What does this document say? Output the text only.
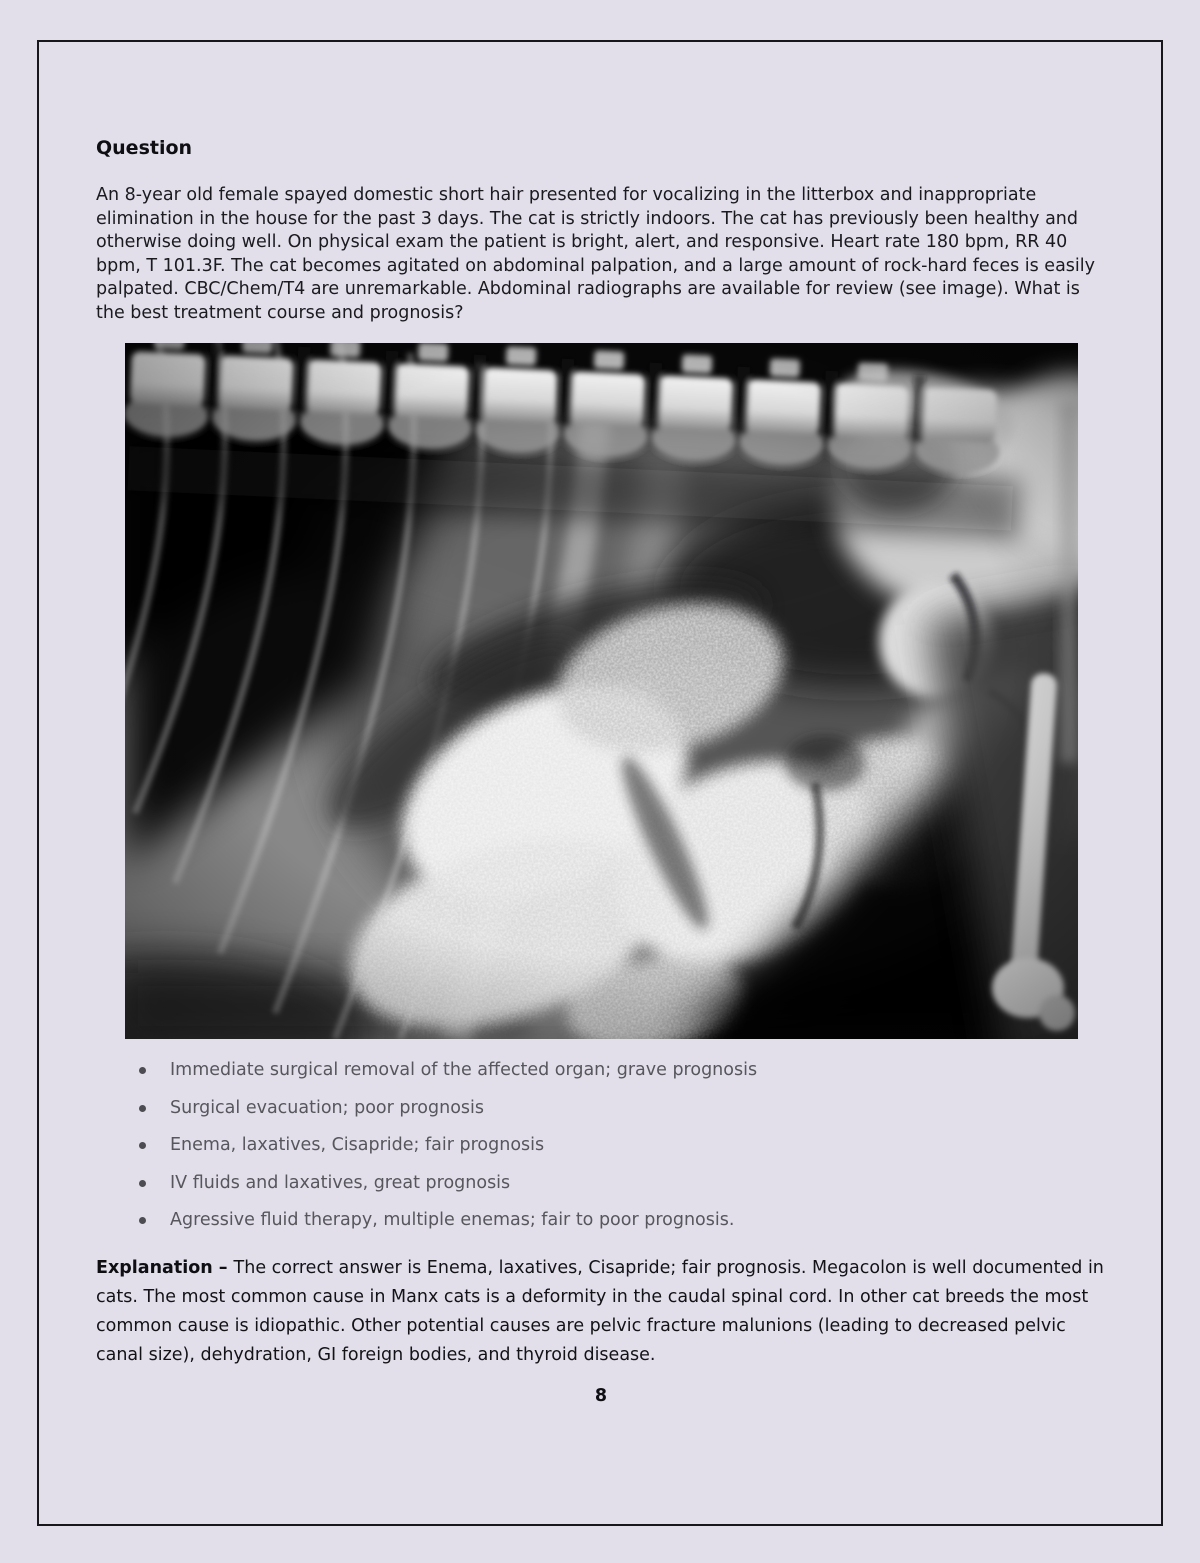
Question

An 8-year old female spayed domestic short hair presented for vocalizing in the litterbox and inappropriate elimination in the house for the past 3 days. The cat is strictly indoors. The cat has previously been healthy and otherwise doing well. On physical exam the patient is bright, alert, and responsive. Heart rate 180 bpm, RR 40 bpm, T 101.3F. The cat becomes agitated on abdominal palpation, and a large amount of rock-hard feces is easily palpated. CBC/Chem/T4 are unremarkable. Abdominal radiographs are available for review (see image). What is the best treatment course and prognosis?

Immediate surgical removal of the affected organ; grave prognosis
Surgical evacuation; poor prognosis
Enema, laxatives, Cisapride; fair prognosis
IV fluids and laxatives, great prognosis
Agressive fluid therapy, multiple enemas; fair to poor prognosis.

Explanation – The correct answer is Enema, laxatives, Cisapride; fair prognosis. Megacolon is well documented in cats. The most common cause in Manx cats is a deformity in the caudal spinal cord. In other cat breeds the most common cause is idiopathic. Other potential causes are pelvic fracture malunions (leading to decreased pelvic canal size), dehydration, GI foreign bodies, and thyroid disease.

8
